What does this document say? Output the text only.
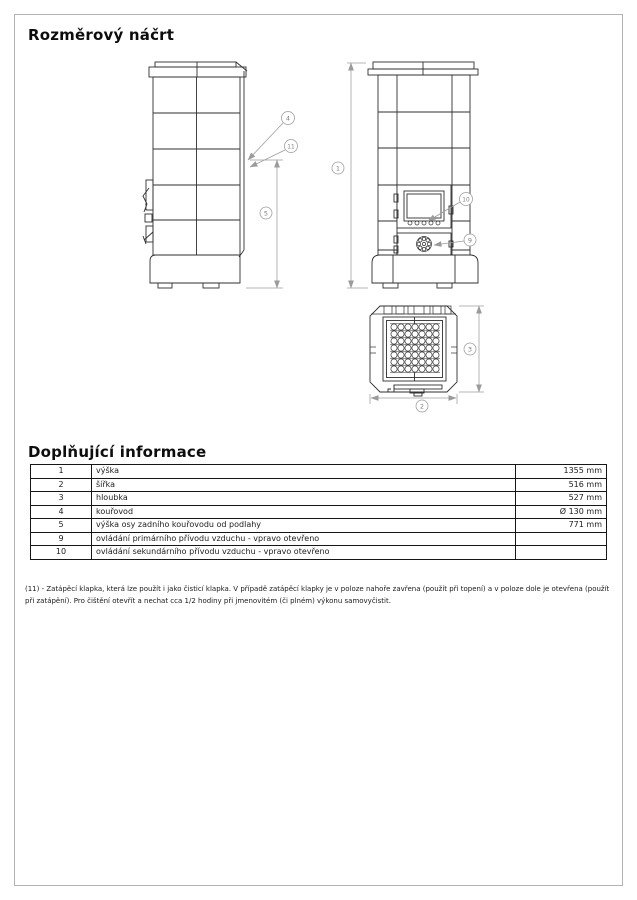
Rozměrový náčrt
4
11
5
1
10
9
3
2
Doplňující informace
1	výška	1355 mm
2	šířka	516 mm
3	hloubka	527 mm
4	kouřovod	Ø 130 mm
5	výška osy zadního kouřovodu od podlahy	771 mm
9	ovládání primárního přívodu vzduchu - vpravo otevřeno	
10	ovládání sekundárního přívodu vzduchu - vpravo otevřeno	

(11) - Zatápěcí klapka, která lze použít i jako čisticí klapka. V případě zatápěcí klapky je v poloze nahoře zavřena (použít při topení) a v poloze dole je otevřena (použít při zatápění). Pro čištění otevřít a nechat cca 1/2 hodiny při jmenovitém (či plném) výkonu samovyčistit.
